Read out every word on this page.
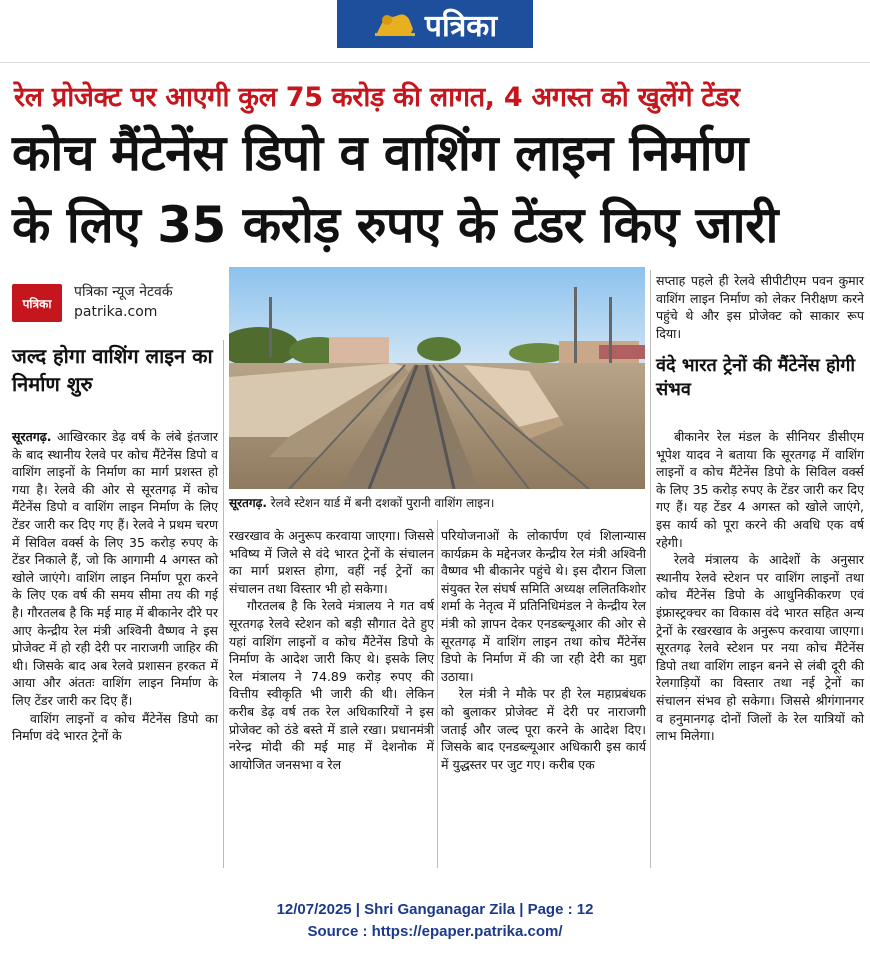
पत्रिका
रेल प्रोजेक्ट पर आएगी कुल 75 करोड़ की लागत, 4 अगस्त को खुलेंगे टेंडर
कोच मैंटेनेंस डिपो व वाशिंग लाइन निर्माण
के लिए 35 करोड़ रुपए के टेंडर किए जारी
पत्रिका
पत्रिका न्यूज नेटवर्क
patrika.com
जल्द होगा वाशिंग लाइन का निर्माण शुरु
सूरतगढ़. रेलवे स्टेशन यार्ड में बनी दशकों पुरानी वाशिंग लाइन।

सूरतगढ़. आखिरकार डेढ़ वर्ष के लंबे इंतजार के बाद स्थानीय रेलवे पर कोच मैंटेनेंस डिपो व वाशिंग लाइनों के निर्माण का मार्ग प्रशस्त हो गया है। रेलवे की ओर से सूरतगढ़ में कोच मैंटेनेंस डिपो व वाशिंग लाइन निर्माण के लिए टेंडर जारी कर दिए गए हैं। रेलवे ने प्रथम चरण में सिविल वर्क्स के लिए 35 करोड़ रुपए के टेंडर निकाले हैं, जो कि आगामी 4 अगस्त को खोले जाएंगे। वाशिंग लाइन निर्माण पूरा करने के लिए एक वर्ष की समय सीमा तय की गई है। गौरतलब है कि मई माह में बीकानेर दौरे पर आए केन्द्रीय रेल मंत्री अश्विनी वैष्णव ने इस प्रोजेक्ट में हो रही देरी पर नाराजगी जाहिर की थी। जिसके बाद अब रेलवे प्रशासन हरकत में आया और अंततः वाशिंग लाइन निर्माण के लिए टेंडर जारी कर दिए हैं।

वाशिंग लाइनों व कोच मैंटेनेंस डिपो का निर्माण वंदे भारत ट्रेनों के

रखरखाव के अनुरूप करवाया जाएगा। जिससे भविष्य में जिले से वंदे भारत ट्रेनों के संचालन का मार्ग प्रशस्त होगा, वहीं नई ट्रेनों का संचालन तथा विस्तार भी हो सकेगा।

गौरतलब है कि रेलवे मंत्रालय ने गत वर्ष सूरतगढ़ रेलवे स्टेशन को बड़ी सौगात देते हुए यहां वाशिंग लाइनों व कोच मैंटेनेंस डिपो के निर्माण के आदेश जारी किए थे। इसके लिए रेल मंत्रालय ने 74.89 करोड़ रुपए की वित्तीय स्वीकृति भी जारी की थी। लेकिन करीब डेढ़ वर्ष तक रेल अधिकारियों ने इस प्रोजेक्ट को ठंडे बस्ते में डाले रखा। प्रधानमंत्री नरेन्द्र मोदी की मई माह में देशनोक में आयोजित जनसभा व रेल

परियोजनाओं के लोकार्पण एवं शिलान्यास कार्यक्रम के मद्देनजर केन्द्रीय रेल मंत्री अश्विनी वैष्णव भी बीकानेर पहुंचे थे। इस दौरान जिला संयुक्त रेल संघर्ष समिति अध्यक्ष ललितकिशोर शर्मा के नेतृत्व में प्रतिनिधिमंडल ने केन्द्रीय रेल मंत्री को ज्ञापन देकर एनडब्ल्यूआर की ओर से सूरतगढ़ में वाशिंग लाइन तथा कोच मैंटेनेंस डिपो के निर्माण में की जा रही देरी का मुद्दा उठाया।

रेल मंत्री ने मौके पर ही रेल महाप्रबंधक को बुलाकर प्रोजेक्ट में देरी पर नाराजगी जताई और जल्द पूरा करने के आदेश दिए। जिसके बाद एनडब्ल्यूआर अधिकारी इस कार्य में युद्धस्तर पर जुट गए। करीब एक

सप्ताह पहले ही रेलवे सीपीटीएम पवन कुमार वाशिंग लाइन निर्माण को लेकर निरीक्षण करने पहुंचे थे और इस प्रोजेक्ट को साकार रूप दिया।

वंदे भारत ट्रेनों की मैंटेनेंस होगी संभव

बीकानेर रेल मंडल के सीनियर डीसीएम भूपेश यादव ने बताया कि सूरतगढ़ में वाशिंग लाइनों व कोच मैंटेनेंस डिपो के सिविल वर्क्स के लिए 35 करोड़ रुपए के टेंडर जारी कर दिए गए हैं। यह टेंडर 4 अगस्त को खोले जाएंगे, इस कार्य को पूरा करने की अवधि एक वर्ष रहेगी।

रेलवे मंत्रालय के आदेशों के अनुसार स्थानीय रेलवे स्टेशन पर वाशिंग लाइनों तथा कोच मैंटेनेंस डिपो के आधुनिकीकरण एवं इंफ्रास्ट्रक्चर का विकास वंदे भारत सहित अन्य ट्रेनों के रखरखाव के अनुरूप करवाया जाएगा। सूरतगढ़ रेलवे स्टेशन पर नया कोच मैंटेनेंस डिपो तथा वाशिंग लाइन बनने से लंबी दूरी की रेलगाड़ियों का विस्तार तथा नई ट्रेनों का संचालन संभव हो सकेगा। जिससे श्रीगंगानगर व हनुमानगढ़ दोनों जिलों के रेल यात्रियों को लाभ मिलेगा।

12/07/2025 | Shri Ganganagar Zila | Page : 12
Source : https://epaper.patrika.com/
